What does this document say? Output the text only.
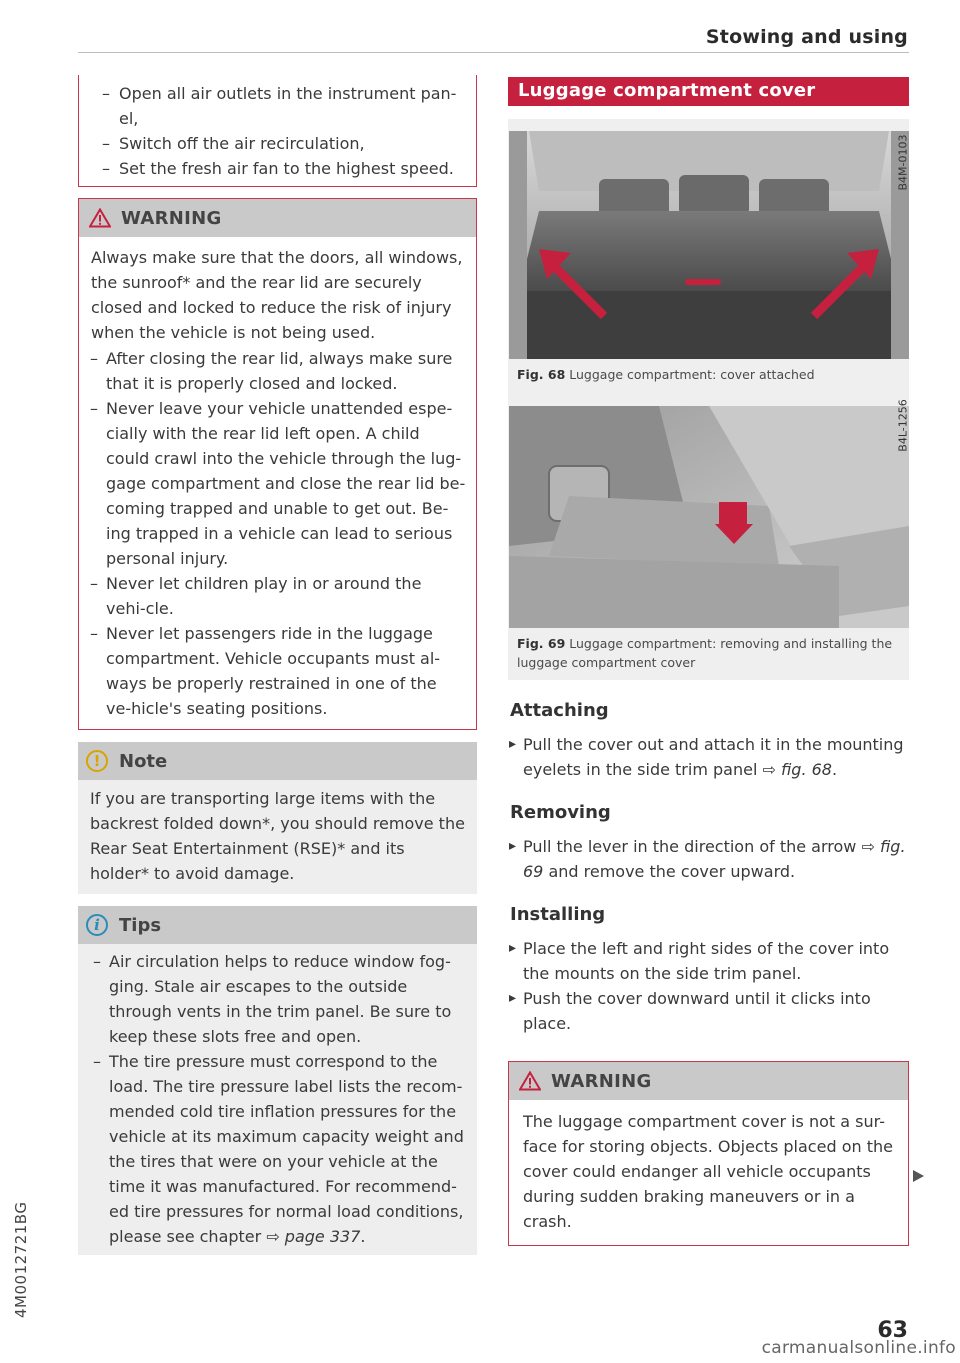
Stowing and using
4M0012721BG
– Open all air outlets in the instrument pan-el,
– Switch off the air recirculation,
– Set the fresh air fan to the highest speed.
WARNING

Always make sure that the doors, all windows, the sunroof* and the rear lid are securely closed and locked to reduce the risk of injury when the vehicle is not being used.

– After closing the rear lid, always make sure that it is properly closed and locked.
– Never leave your vehicle unattended espe-cially with the rear lid left open. A child could crawl into the vehicle through the lug-gage compartment and close the rear lid be-coming trapped and unable to get out. Be-ing trapped in a vehicle can lead to serious personal injury.
– Never let children play in or around the vehi-cle.
– Never let passengers ride in the luggage compartment. Vehicle occupants must al-ways be properly restrained in one of the ve-hicle's seating positions.
!	Note

If you are transporting large items with the backrest folded down*, you should remove the Rear Seat Entertainment (RSE)* and its holder* to avoid damage.

i	Tips
– Air circulation helps to reduce window fog-ging. Stale air escapes to the outside through vents in the trim panel. Be sure to keep these slots free and open.
– The tire pressure must correspond to the load. The tire pressure label lists the recom-mended cold tire inflation pressures for the vehicle at its maximum capacity weight and the tires that were on your vehicle at the time it was manufactured. For recommend-ed tire pressures for normal load conditions, please see chapter ⇨ page 337.
Luggage compartment cover
Fig. 68 Luggage compartment: cover attached
Fig. 69 Luggage compartment: removing and installing the luggage compartment cover
Attaching
▸ Pull the cover out and attach it in the mounting eyelets in the side trim panel ⇨ fig. 68.
Removing
▸ Pull the lever in the direction of the arrow ⇨ fig. 69 and remove the cover upward.
Installing
▸ Place the left and right sides of the cover into the mounts on the side trim panel.
▸ Push the cover downward until it clicks into place.
WARNING

The luggage compartment cover is not a sur-face for storing objects. Objects placed on the cover could endanger all vehicle occupants during sudden braking maneuvers or in a crash.

B4M-0103
B4L-1256
63
carmanualsonline.info
